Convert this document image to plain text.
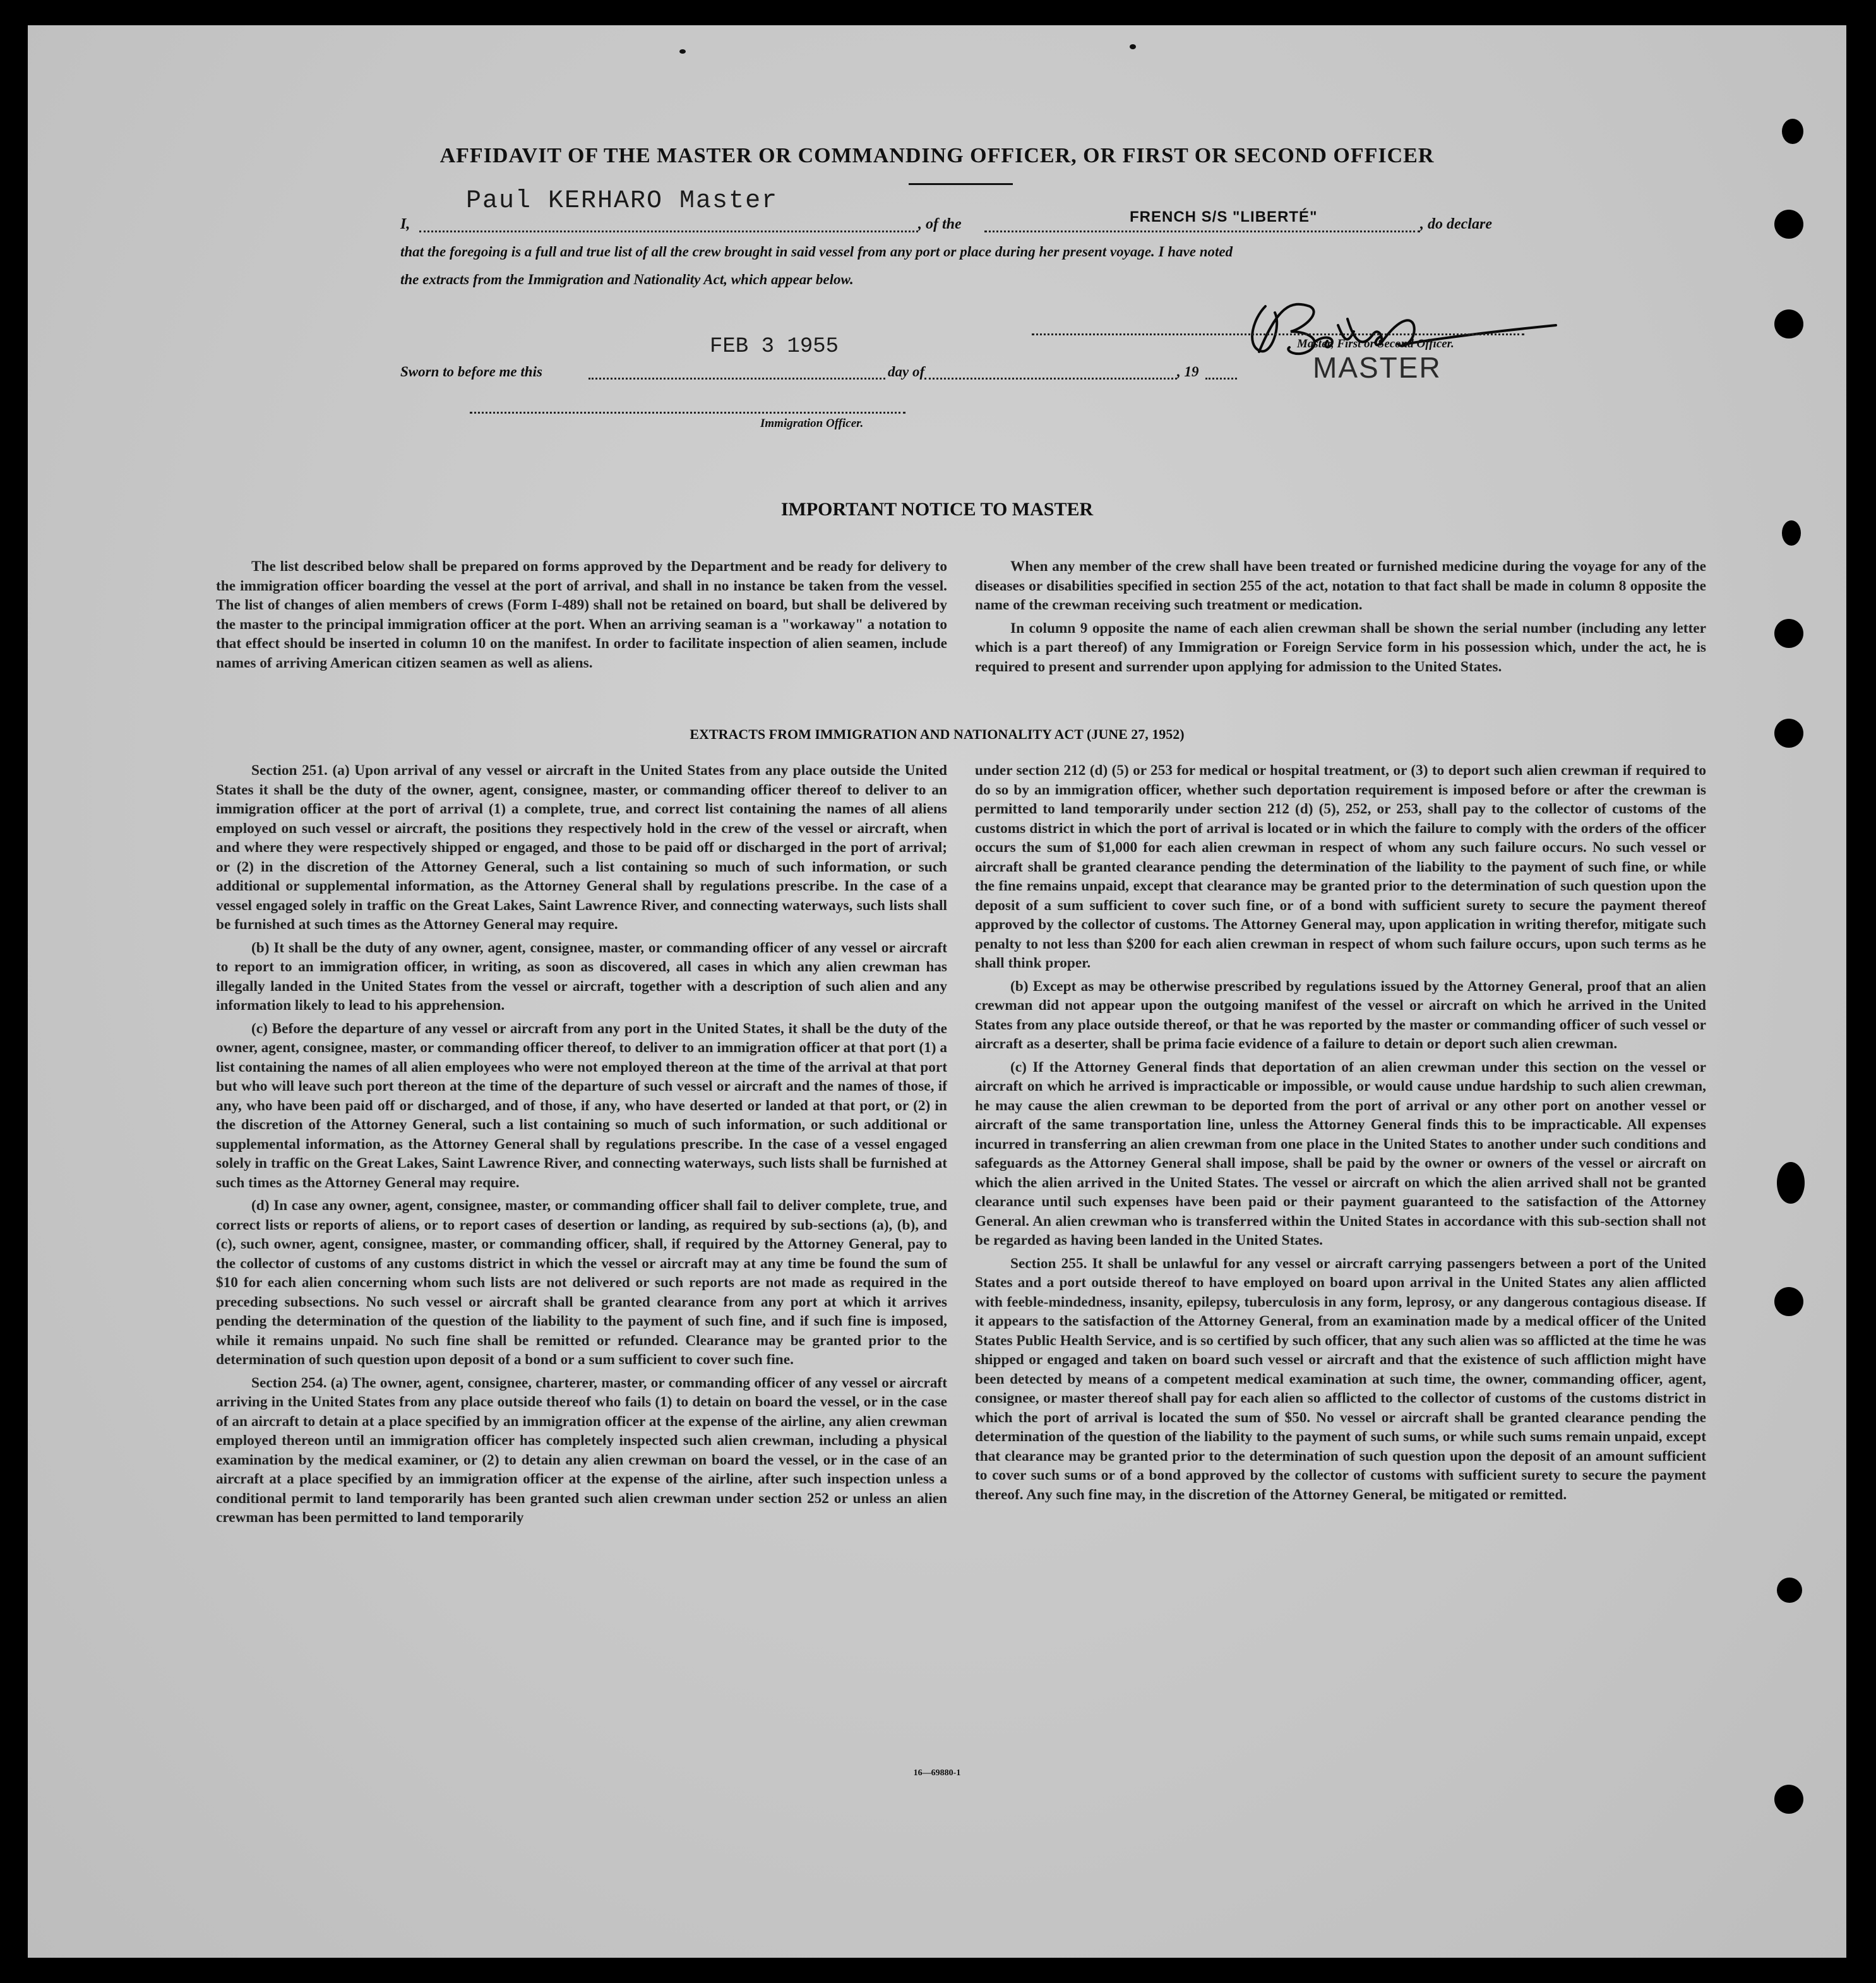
AFFIDAVIT OF THE MASTER OR COMMANDING OFFICER, OR FIRST OR SECOND OFFICER
Paul KERHARO Master
I,	, of the	FRENCH S/S "LIBERTÉ"	, do declare
that the foregoing is a full and true list of all the crew brought in said vessel from any port or place during her present voyage. I have noted
the extracts from the Immigration and Nationality Act, which appear below.
Master, First or Second Officer.
MASTER
FEB 3 1955
Sworn to before me this	day of	, 19
Immigration Officer.
IMPORTANT NOTICE TO MASTER

The list described below shall be prepared on forms approved by the Department and be ready for delivery to the immigration officer boarding the vessel at the port of arrival, and shall in no instance be taken from the vessel. The list of changes of alien members of crews (Form I-489) shall not be retained on board, but shall be delivered by the master to the principal immigration officer at the port. When an arriving seaman is a "workaway" a notation to that effect should be inserted in column 10 on the manifest. In order to facilitate inspection of alien seamen, include names of arriving American citizen seamen as well as aliens.

When any member of the crew shall have been treated or furnished medicine during the voyage for any of the diseases or disabilities specified in section 255 of the act, notation to that fact shall be made in column 8 opposite the name of the crewman receiving such treatment or medication.

In column 9 opposite the name of each alien crewman shall be shown the serial number (including any letter which is a part thereof) of any Immigration or Foreign Service form in his possession which, under the act, he is required to present and surrender upon applying for admission to the United States.

EXTRACTS FROM IMMIGRATION AND NATIONALITY ACT (JUNE 27, 1952)

Section 251. (a) Upon arrival of any vessel or aircraft in the United States from any place outside the United States it shall be the duty of the owner, agent, consignee, master, or commanding officer thereof to deliver to an immigration officer at the port of arrival (1) a complete, true, and correct list containing the names of all aliens employed on such vessel or aircraft, the positions they respectively hold in the crew of the vessel or aircraft, when and where they were respectively shipped or engaged, and those to be paid off or discharged in the port of arrival; or (2) in the discretion of the Attorney General, such a list containing so much of such information, or such additional or supplemental information, as the Attorney General shall by regulations prescribe. In the case of a vessel engaged solely in traffic on the Great Lakes, Saint Lawrence River, and connecting waterways, such lists shall be furnished at such times as the Attorney General may require.

(b) It shall be the duty of any owner, agent, consignee, master, or commanding officer of any vessel or aircraft to report to an immigration officer, in writing, as soon as discovered, all cases in which any alien crewman has illegally landed in the United States from the vessel or aircraft, together with a description of such alien and any information likely to lead to his apprehension.

(c) Before the departure of any vessel or aircraft from any port in the United States, it shall be the duty of the owner, agent, consignee, master, or commanding officer thereof, to deliver to an immigration officer at that port (1) a list containing the names of all alien employees who were not employed thereon at the time of the arrival at that port but who will leave such port thereon at the time of the departure of such vessel or aircraft and the names of those, if any, who have been paid off or discharged, and of those, if any, who have deserted or landed at that port, or (2) in the discretion of the Attorney General, such a list containing so much of such information, or such additional or supplemental information, as the Attorney General shall by regulations prescribe. In the case of a vessel engaged solely in traffic on the Great Lakes, Saint Lawrence River, and connecting waterways, such lists shall be furnished at such times as the Attorney General may require.

(d) In case any owner, agent, consignee, master, or commanding officer shall fail to deliver complete, true, and correct lists or reports of aliens, or to report cases of desertion or landing, as required by sub-sections (a), (b), and (c), such owner, agent, consignee, master, or commanding officer, shall, if required by the Attorney General, pay to the collector of customs of any customs district in which the vessel or aircraft may at any time be found the sum of $10 for each alien concerning whom such lists are not delivered or such reports are not made as required in the preceding subsections. No such vessel or aircraft shall be granted clearance from any port at which it arrives pending the determination of the question of the liability to the payment of such fine, and if such fine is imposed, while it remains unpaid. No such fine shall be remitted or refunded. Clearance may be granted prior to the determination of such question upon deposit of a bond or a sum sufficient to cover such fine.

Section 254. (a) The owner, agent, consignee, charterer, master, or commanding officer of any vessel or aircraft arriving in the United States from any place outside thereof who fails (1) to detain on board the vessel, or in the case of an aircraft to detain at a place specified by an immigration officer at the expense of the airline, any alien crewman employed thereon until an immigration officer has completely inspected such alien crewman, including a physical examination by the medical examiner, or (2) to detain any alien crewman on board the vessel, or in the case of an aircraft at a place specified by an immigration officer at the expense of the airline, after such inspection unless a conditional permit to land temporarily has been granted such alien crewman under section 252 or unless an alien crewman has been permitted to land temporarily

under section 212 (d) (5) or 253 for medical or hospital treatment, or (3) to deport such alien crewman if required to do so by an immigration officer, whether such deportation requirement is imposed before or after the crewman is permitted to land temporarily under section 212 (d) (5), 252, or 253, shall pay to the collector of customs of the customs district in which the port of arrival is located or in which the failure to comply with the orders of the officer occurs the sum of $1,000 for each alien crewman in respect of whom any such failure occurs. No such vessel or aircraft shall be granted clearance pending the determination of the liability to the payment of such fine, or while the fine remains unpaid, except that clearance may be granted prior to the determination of such question upon the deposit of a sum sufficient to cover such fine, or of a bond with sufficient surety to secure the payment thereof approved by the collector of customs. The Attorney General may, upon application in writing therefor, mitigate such penalty to not less than $200 for each alien crewman in respect of whom such failure occurs, upon such terms as he shall think proper.

(b) Except as may be otherwise prescribed by regulations issued by the Attorney General, proof that an alien crewman did not appear upon the outgoing manifest of the vessel or aircraft on which he arrived in the United States from any place outside thereof, or that he was reported by the master or commanding officer of such vessel or aircraft as a deserter, shall be prima facie evidence of a failure to detain or deport such alien crewman.

(c) If the Attorney General finds that deportation of an alien crewman under this section on the vessel or aircraft on which he arrived is impracticable or impossible, or would cause undue hardship to such alien crewman, he may cause the alien crewman to be deported from the port of arrival or any other port on another vessel or aircraft of the same transportation line, unless the Attorney General finds this to be impracticable. All expenses incurred in transferring an alien crewman from one place in the United States to another under such conditions and safeguards as the Attorney General shall impose, shall be paid by the owner or owners of the vessel or aircraft on which the alien arrived in the United States. The vessel or aircraft on which the alien arrived shall not be granted clearance until such expenses have been paid or their payment guaranteed to the satisfaction of the Attorney General. An alien crewman who is transferred within the United States in accordance with this sub-section shall not be regarded as having been landed in the United States.

Section 255. It shall be unlawful for any vessel or aircraft carrying passengers between a port of the United States and a port outside thereof to have employed on board upon arrival in the United States any alien afflicted with feeble-mindedness, insanity, epilepsy, tuberculosis in any form, leprosy, or any dangerous contagious disease. If it appears to the satisfaction of the Attorney General, from an examination made by a medical officer of the United States Public Health Service, and is so certified by such officer, that any such alien was so afflicted at the time he was shipped or engaged and taken on board such vessel or aircraft and that the existence of such affliction might have been detected by means of a competent medical examination at such time, the owner, commanding officer, agent, consignee, or master thereof shall pay for each alien so afflicted to the collector of customs of the customs district in which the port of arrival is located the sum of $50. No vessel or aircraft shall be granted clearance pending the determination of the question of the liability to the payment of such sums, or while such sums remain unpaid, except that clearance may be granted prior to the determination of such question upon the deposit of an amount sufficient to cover such sums or of a bond approved by the collector of customs with sufficient surety to secure the payment thereof. Any such fine may, in the discretion of the Attorney General, be mitigated or remitted.

16—69880-1
